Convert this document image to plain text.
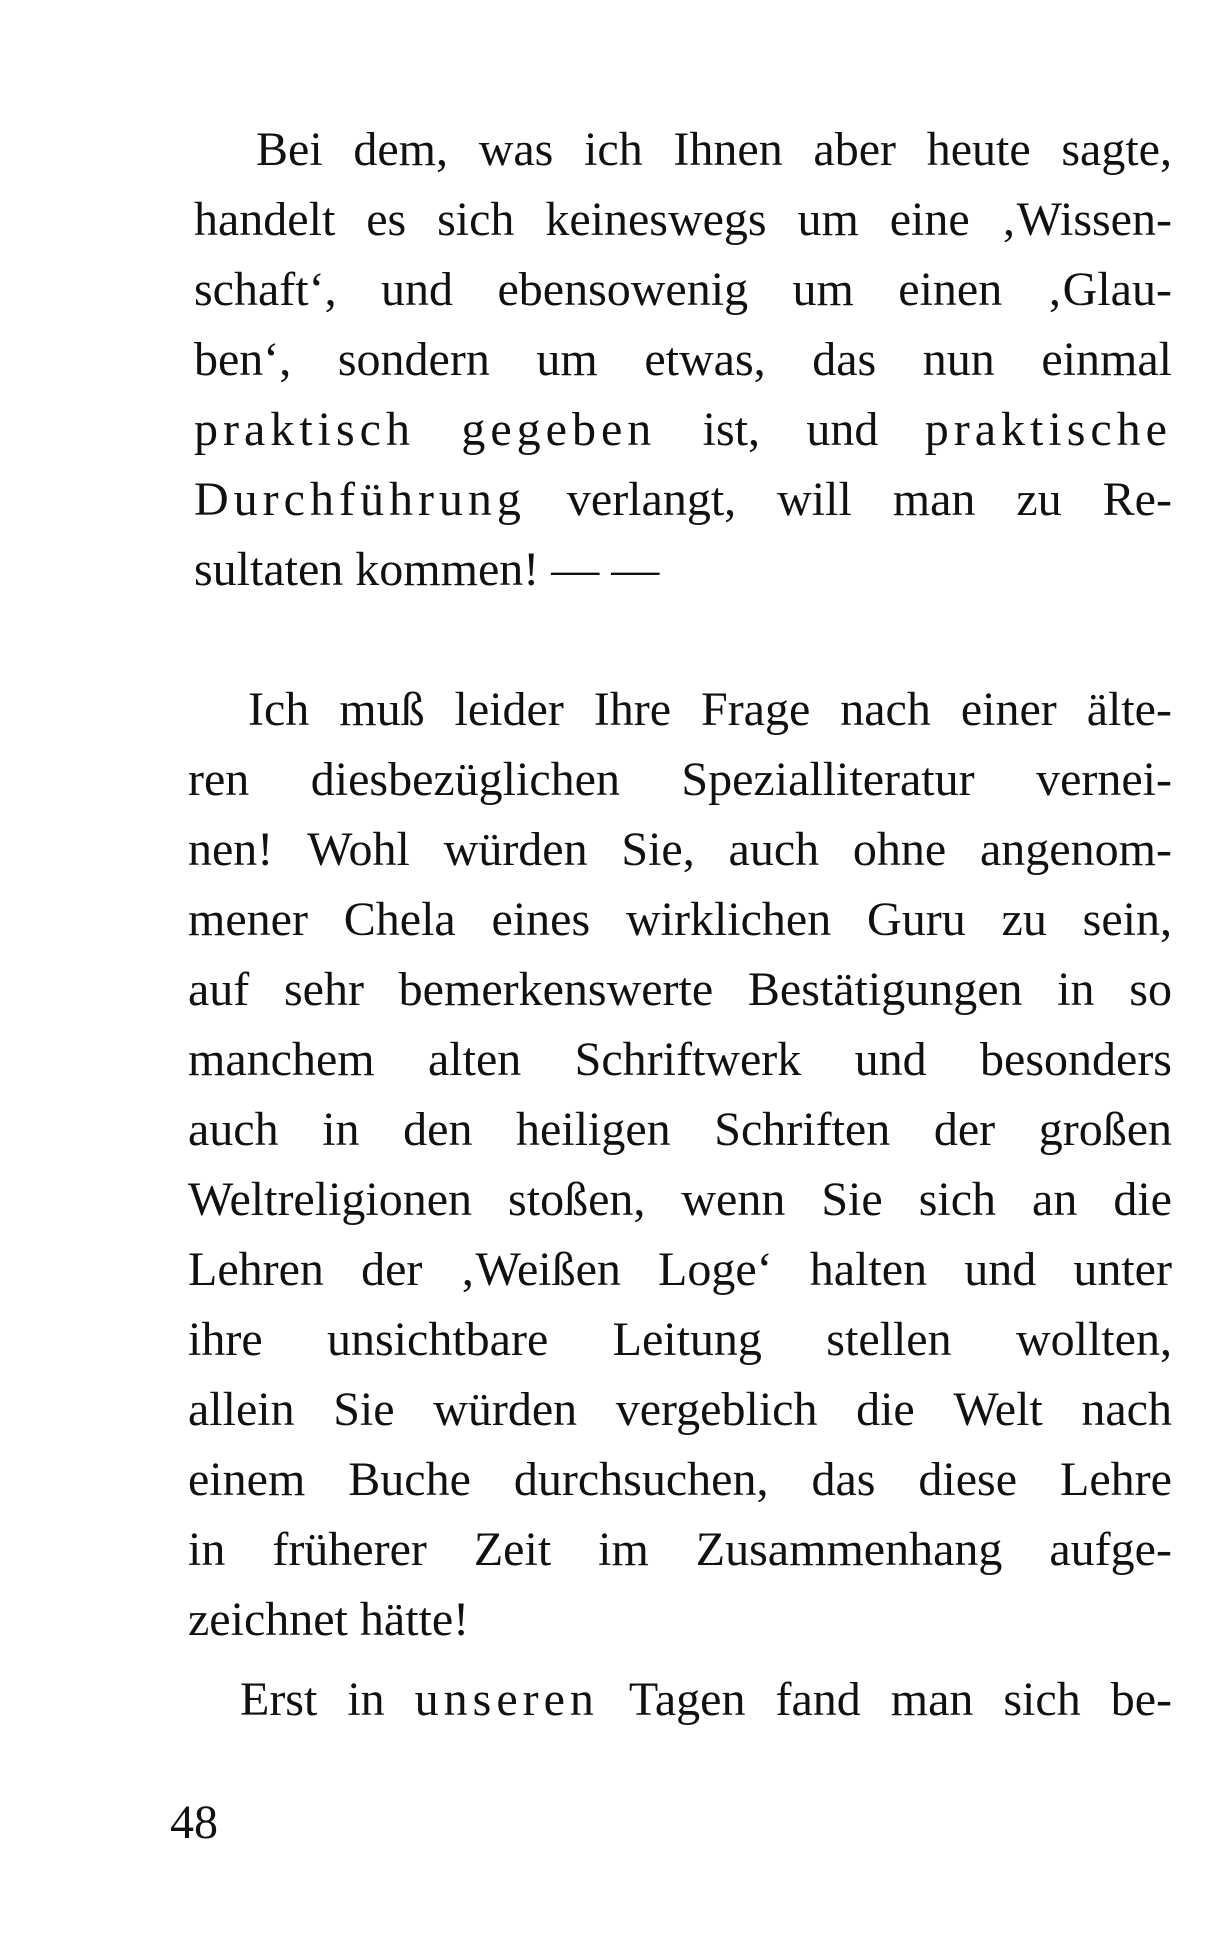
Bei dem, was ich Ihnen aber heute sagte,
handelt es sich keineswegs um eine ‚Wissen-
schaft‘, und ebensowenig um einen ‚Glau-
ben‘, sondern um etwas, das nun einmal
praktisch gegeben ist, und praktische
Durchführung verlangt, will man zu Re-
sultaten kommen! — —
Ich muß leider Ihre Frage nach einer älte-
ren diesbezüglichen Spezialliteratur vernei-
nen! Wohl würden Sie, auch ohne angenom-
mener Chela eines wirklichen Guru zu sein,
auf sehr bemerkenswerte Bestätigungen in so
manchem alten Schriftwerk und besonders
auch in den heiligen Schriften der großen
Weltreligionen stoßen, wenn Sie sich an die
Lehren der ‚Weißen Loge‘ halten und unter
ihre unsichtbare Leitung stellen wollten,
allein Sie würden vergeblich die Welt nach
einem Buche durchsuchen, das diese Lehre
in früherer Zeit im Zusammenhang aufge-
zeichnet hätte!
Erst in unseren Tagen fand man sich be-
48
